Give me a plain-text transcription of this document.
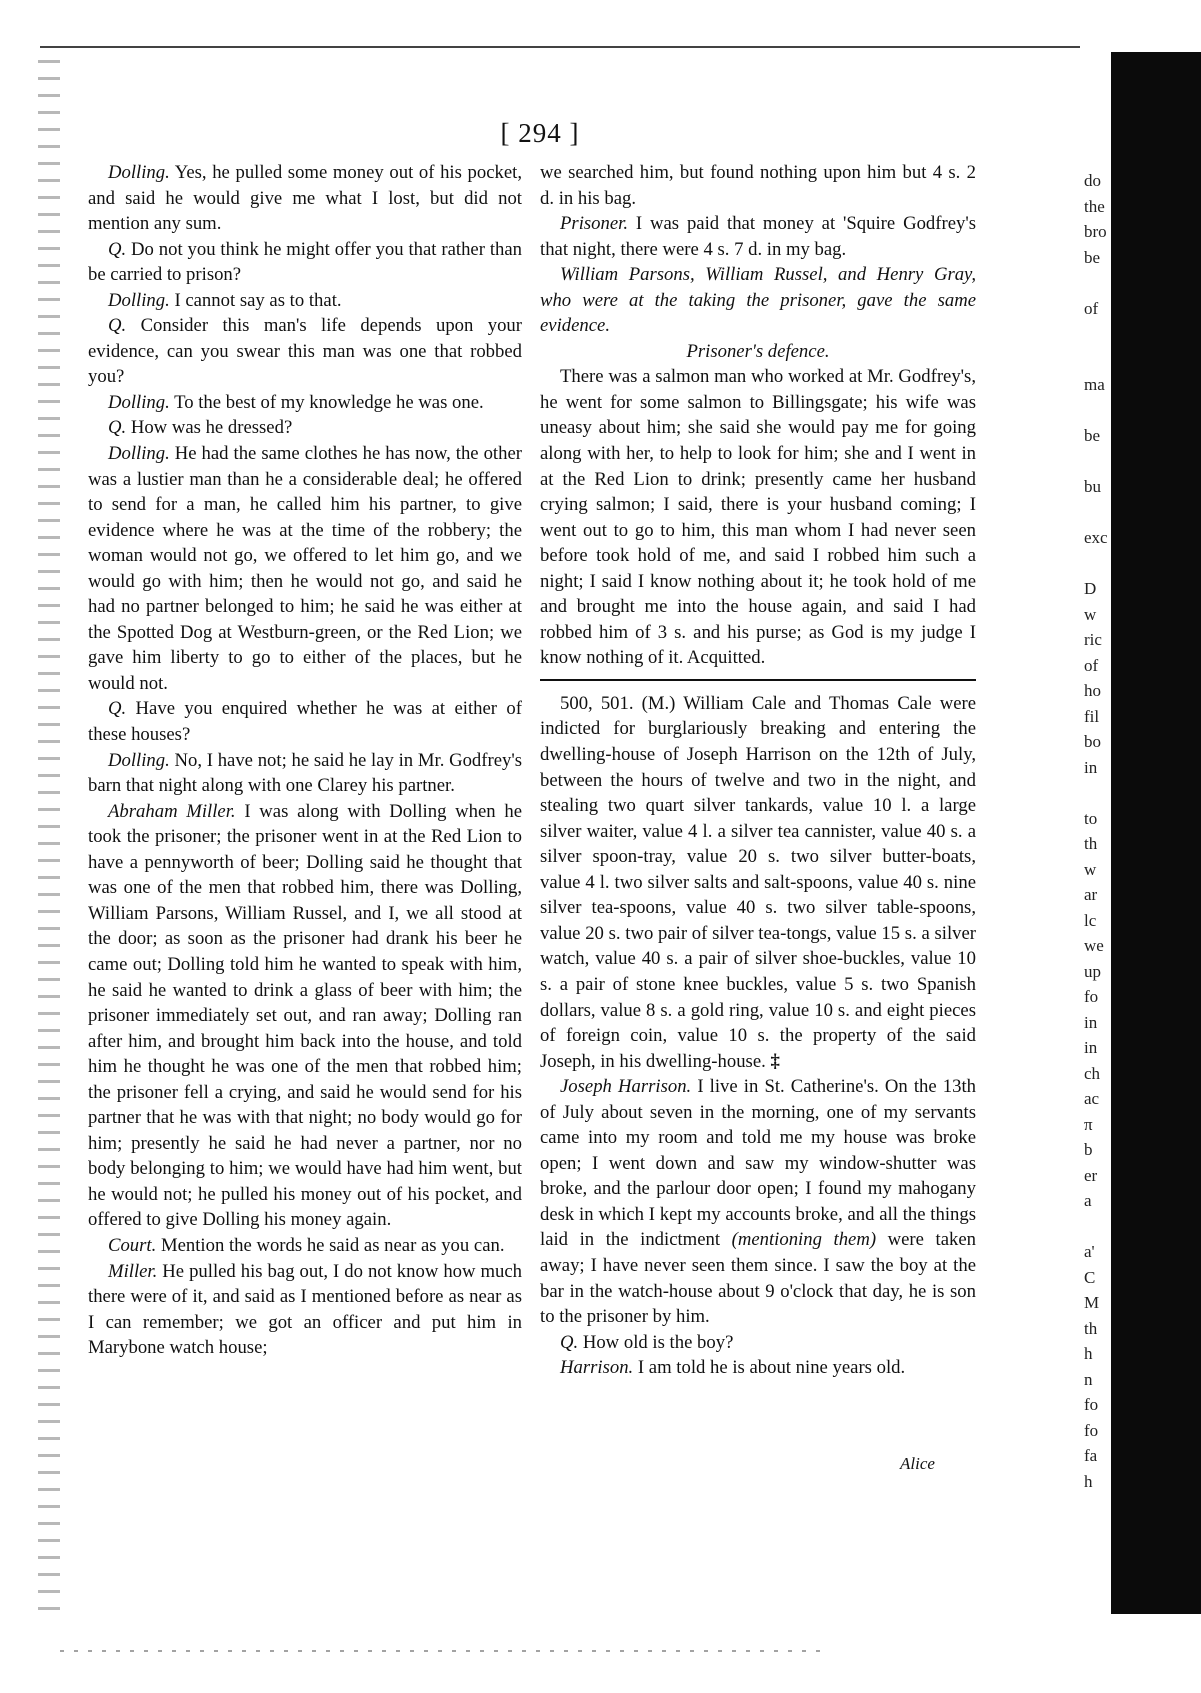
[ 294 ]

Dolling. Yes, he pulled some money out of his pocket, and said he would give me what I lost, but did not mention any sum.

Q. Do not you think he might offer you that rather than be carried to prison?

Dolling. I cannot say as to that.

Q. Consider this man's life depends upon your evidence, can you swear this man was one that robbed you?

Dolling. To the best of my knowledge he was one.

Q. How was he dressed?

Dolling. He had the same clothes he has now, the other was a lustier man than he a considerable deal; he offered to send for a man, he called him his partner, to give evidence where he was at the time of the robbery; the woman would not go, we offered to let him go, and we would go with him; then he would not go, and said he had no partner belonged to him; he said he was either at the Spotted Dog at Westburn-green, or the Red Lion; we gave him liberty to go to either of the places, but he would not.

Q. Have you enquired whether he was at either of these houses?

Dolling. No, I have not; he said he lay in Mr. Godfrey's barn that night along with one Clarey his partner.

Abraham Miller. I was along with Dolling when he took the prisoner; the prisoner went in at the Red Lion to have a pennyworth of beer; Dolling said he thought that was one of the men that robbed him, there was Dolling, William Parsons, William Russel, and I, we all stood at the door; as soon as the prisoner had drank his beer he came out; Dolling told him he wanted to speak with him, he said he wanted to drink a glass of beer with him; the prisoner immediately set out, and ran away; Dolling ran after him, and brought him back into the house, and told him he thought he was one of the men that robbed him; the prisoner fell a crying, and said he would send for his partner that he was with that night; no body would go for him; presently he said he had never a partner, nor no body belonging to him; we would have had him went, but he would not; he pulled his money out of his pocket, and offered to give Dolling his money again.

Court. Mention the words he said as near as you can.

Miller. He pulled his bag out, I do not know how much there were of it, and said as I mentioned before as near as I can remember; we got an officer and put him in Marybone watch house;

we searched him, but found nothing upon him but 4 s. 2 d. in his bag.

Prisoner. I was paid that money at 'Squire Godfrey's that night, there were 4 s. 7 d. in my bag.

William Parsons, William Russel, and Henry Gray, who were at the taking the prisoner, gave the same evidence.

Prisoner's defence.

There was a salmon man who worked at Mr. Godfrey's, he went for some salmon to Billingsgate; his wife was uneasy about him; she said she would pay me for going along with her, to help to look for him; she and I went in at the Red Lion to drink; presently came her husband crying salmon; I said, there is your husband coming; I went out to go to him, this man whom I had never seen before took hold of me, and said I robbed him such a night; I said I know nothing about it; he took hold of me and brought me into the house again, and said I had robbed him of 3 s. and his purse; as God is my judge I know nothing of it. Acquitted.

500, 501. (M.) William Cale and Thomas Cale were indicted for burglariously breaking and entering the dwelling-house of Joseph Harrison on the 12th of July, between the hours of twelve and two in the night, and stealing two quart silver tankards, value 10 l. a large silver waiter, value 4 l. a silver tea cannister, value 40 s. a silver spoon-tray, value 20 s. two silver butter-boats, value 4 l. two silver salts and salt-spoons, value 40 s. nine silver tea-spoons, value 40 s. two silver table-spoons, value 20 s. two pair of silver tea-tongs, value 15 s. a silver watch, value 40 s. a pair of silver shoe-buckles, value 10 s. a pair of stone knee buckles, value 5 s. two Spanish dollars, value 8 s. a gold ring, value 10 s. and eight pieces of foreign coin, value 10 s. the property of the said Joseph, in his dwelling-house. ‡

Joseph Harrison. I live in St. Catherine's. On the 13th of July about seven in the morning, one of my servants came into my room and told me my house was broke open; I went down and saw my window-shutter was broke, and the parlour door open; I found my mahogany desk in which I kept my accounts broke, and all the things laid in the indictment (mentioning them) were taken away; I have never seen them since. I saw the boy at the bar in the watch-house about 9 o'clock that day, he is son to the prisoner by him.

Q. How old is the boy?

Harrison. I am told he is about nine years old.

Alice
do
the
bro
be

of

ma

be

bu

exc

D
w
ric
of
ho
fil
bo
in

to
th
w
ar
lc
we
up
fo
in
in
ch
ac
π
b
er
a

a'
C
M
th
h
n
fo
fo
fa
h
